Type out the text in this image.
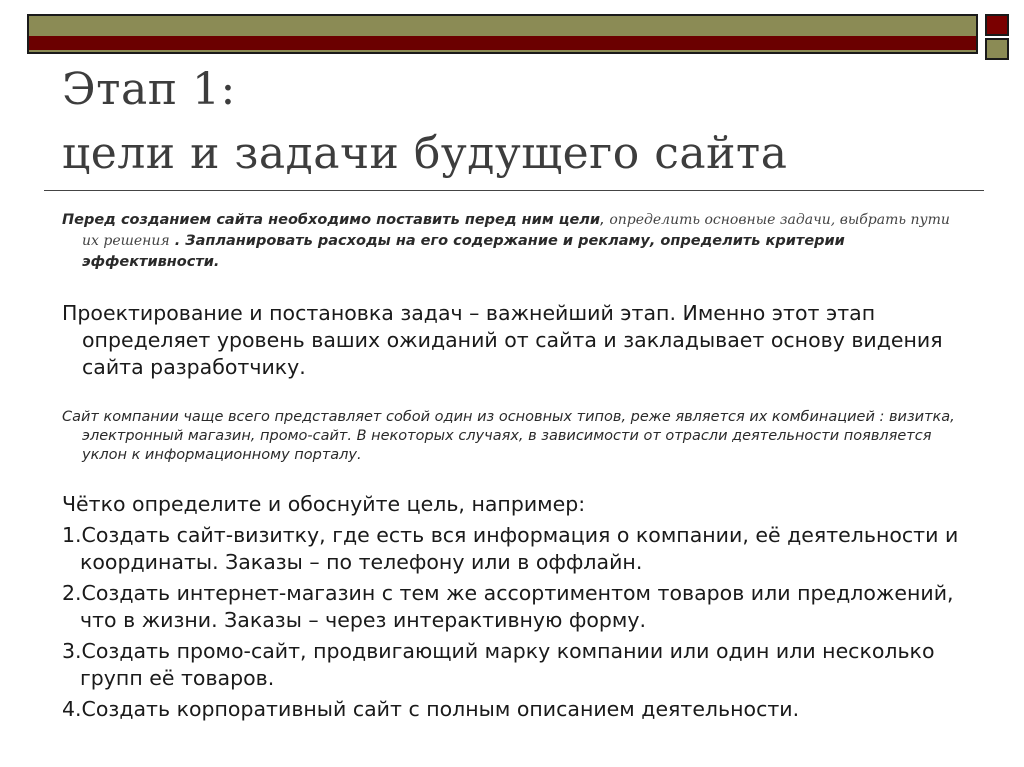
Этап 1:
цели и задачи будущего сайта

Перед созданием сайта необходимо поставить перед ним цели, определить основные задачи, выбрать пути их решения . Запланировать расходы на его содержание и рекламу, определить критерии эффективности.

Проектирование и постановка задач – важнейший этап. Именно этот этап определяет уровень ваших ожиданий от сайта и закладывает основу видения сайта разработчику.

Сайт компании чаще всего представляет собой один из основных типов, реже является их комбинацией : визитка, электронный магазин, промо-сайт. В некоторых случаях, в зависимости от отрасли деятельности появляется уклон к информационному порталу.

Чётко определите и обоснуйте цель, например:

1.Создать сайт-визитку, где есть вся информация о компании, её деятельности и координаты. Заказы – по телефону или в оффлайн.
2.Создать интернет-магазин с тем же ассортиментом товаров или предложений, что в жизни. Заказы – через интерактивную форму.
3.Создать промо-сайт, продвигающий марку компании или один или несколько групп её товаров.
4.Создать корпоративный сайт с полным описанием деятельности.
